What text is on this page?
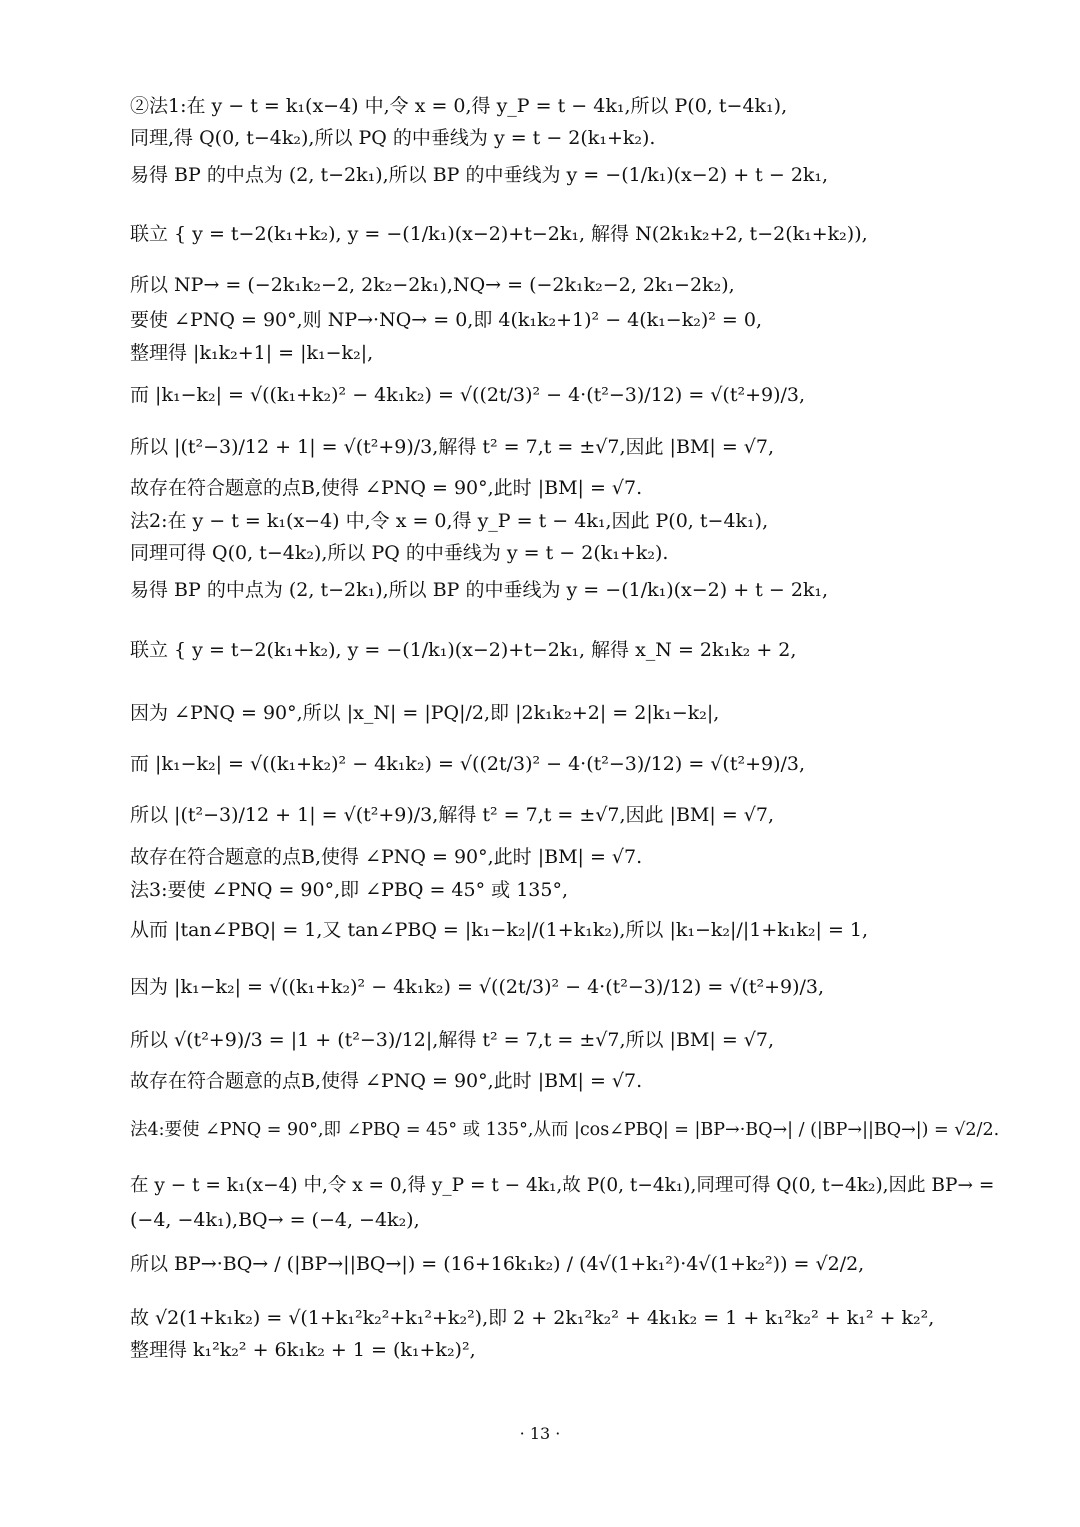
②法1:在 y − t = k₁(x−4) 中,令 x = 0,得 y_P = t − 4k₁,所以 P(0, t−4k₁),
同理,得 Q(0, t−4k₂),所以 PQ 的中垂线为 y = t − 2(k₁+k₂).
易得 BP 的中点为 (2, t−2k₁),所以 BP 的中垂线为 y = −(1/k₁)(x−2) + t − 2k₁,
联立 { y = t−2(k₁+k₂), y = −(1/k₁)(x−2)+t−2k₁, 解得 N(2k₁k₂+2, t−2(k₁+k₂)),
所以 NP→ = (−2k₁k₂−2, 2k₂−2k₁),NQ→ = (−2k₁k₂−2, 2k₁−2k₂),
要使 ∠PNQ = 90°,则 NP→·NQ→ = 0,即 4(k₁k₂+1)² − 4(k₁−k₂)² = 0,
整理得 |k₁k₂+1| = |k₁−k₂|,
而 |k₁−k₂| = √((k₁+k₂)² − 4k₁k₂) = √((2t/3)² − 4·(t²−3)/12) = √(t²+9)/3,
所以 |(t²−3)/12 + 1| = √(t²+9)/3,解得 t² = 7,t = ±√7,因此 |BM| = √7,
故存在符合题意的点B,使得 ∠PNQ = 90°,此时 |BM| = √7.
法2:在 y − t = k₁(x−4) 中,令 x = 0,得 y_P = t − 4k₁,因此 P(0, t−4k₁),
同理可得 Q(0, t−4k₂),所以 PQ 的中垂线为 y = t − 2(k₁+k₂).
易得 BP 的中点为 (2, t−2k₁),所以 BP 的中垂线为 y = −(1/k₁)(x−2) + t − 2k₁,
联立 { y = t−2(k₁+k₂), y = −(1/k₁)(x−2)+t−2k₁, 解得 x_N = 2k₁k₂ + 2,
因为 ∠PNQ = 90°,所以 |x_N| = |PQ|/2,即 |2k₁k₂+2| = 2|k₁−k₂|,
而 |k₁−k₂| = √((k₁+k₂)² − 4k₁k₂) = √((2t/3)² − 4·(t²−3)/12) = √(t²+9)/3,
所以 |(t²−3)/12 + 1| = √(t²+9)/3,解得 t² = 7,t = ±√7,因此 |BM| = √7,
故存在符合题意的点B,使得 ∠PNQ = 90°,此时 |BM| = √7.
法3:要使 ∠PNQ = 90°,即 ∠PBQ = 45° 或 135°,
从而 |tan∠PBQ| = 1,又 tan∠PBQ = |k₁−k₂|/(1+k₁k₂),所以 |k₁−k₂|/|1+k₁k₂| = 1,
因为 |k₁−k₂| = √((k₁+k₂)² − 4k₁k₂) = √((2t/3)² − 4·(t²−3)/12) = √(t²+9)/3,
所以 √(t²+9)/3 = |1 + (t²−3)/12|,解得 t² = 7,t = ±√7,所以 |BM| = √7,
故存在符合题意的点B,使得 ∠PNQ = 90°,此时 |BM| = √7.
法4:要使 ∠PNQ = 90°,即 ∠PBQ = 45° 或 135°,从而 |cos∠PBQ| = |BP→·BQ→| / (|BP→||BQ→|) = √2/2.
在 y − t = k₁(x−4) 中,令 x = 0,得 y_P = t − 4k₁,故 P(0, t−4k₁),同理可得 Q(0, t−4k₂),因此 BP→ =
(−4, −4k₁),BQ→ = (−4, −4k₂),
所以 BP→·BQ→ / (|BP→||BQ→|) = (16+16k₁k₂) / (4√(1+k₁²)·4√(1+k₂²)) = √2/2,
故 √2(1+k₁k₂) = √(1+k₁²k₂²+k₁²+k₂²),即 2 + 2k₁²k₂² + 4k₁k₂ = 1 + k₁²k₂² + k₁² + k₂²,
整理得 k₁²k₂² + 6k₁k₂ + 1 = (k₁+k₂)²,
· 13 ·
